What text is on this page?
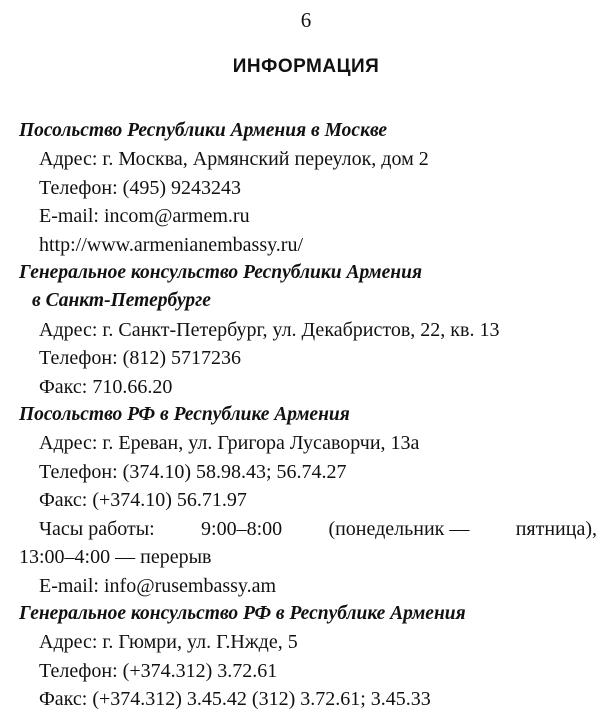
6
ИНФОРМАЦИЯ
Посольство Республики Армения в Москве
Адрес: г. Москва, Армянский переулок, дом 2
Телефон: (495) 9243243
E-mail: incom@armem.ru
http://www.armenianembassy.ru/
Генеральное консульство Республики Армения
в Санкт-Петербурге
Адрес: г. Санкт-Петербург, ул. Декабристов, 22, кв. 13
Телефон: (812) 5717236
Факс: 710.66.20
Посольство РФ в Республике Армения
Адрес: г. Ереван, ул. Григора Лусаворчи, 13а
Телефон: (374.10) 58.98.43; 56.74.27
Факс: (+374.10) 56.71.97
Часы работы: 9:00–8:00 (понедельник — пятница),
13:00–4:00 — перерыв
E-mail: info@rusembassy.am
Генеральное консульство РФ в Республике Армения
Адрес: г. Гюмри, ул. Г.Нжде, 5
Телефон: (+374.312) 3.72.61
Факс: (+374.312) 3.45.42 (312) 3.72.61; 3.45.33
